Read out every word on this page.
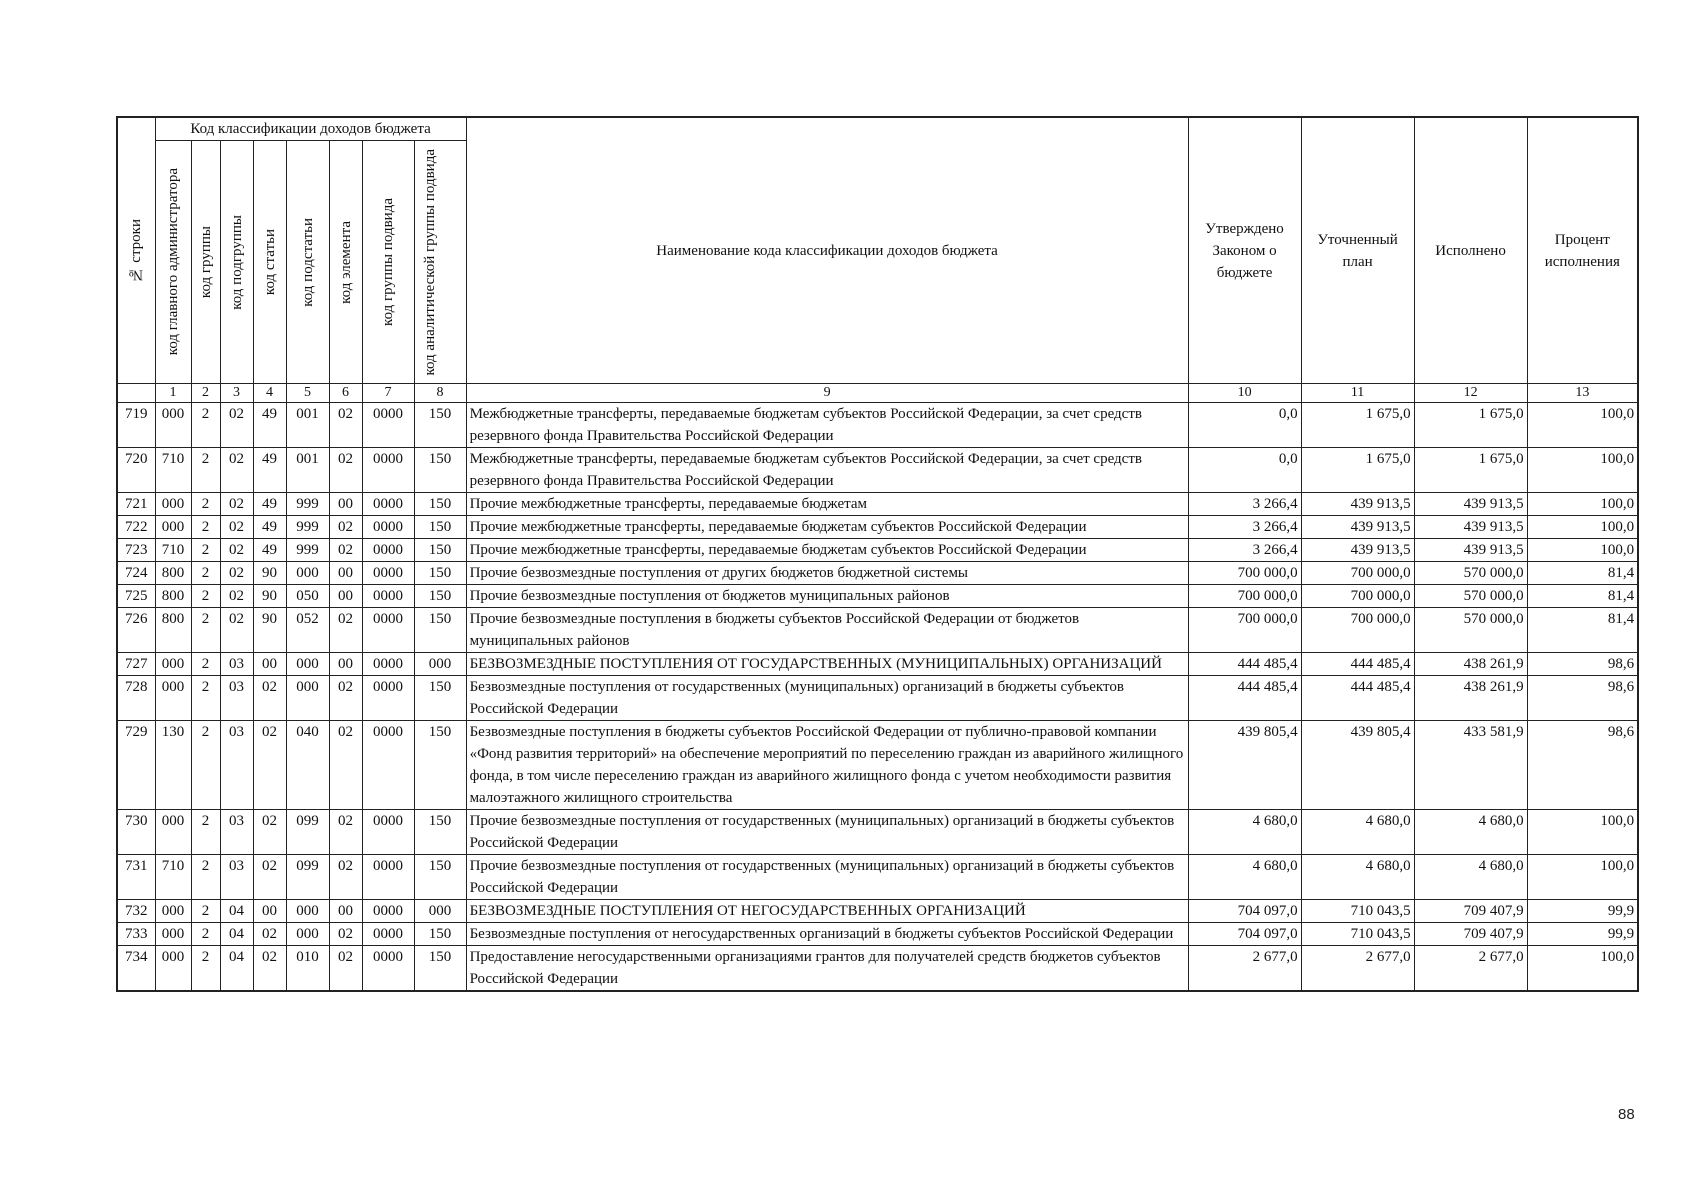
№ строки	Код классификации доходов бюджета								Наименование кода классификации доходов бюджета	Утверждено Законом о бюджете	Уточненный план	Исполнено	Процент исполнения

	код главного администратора	код группы	код подгруппы	код статьи	код подстатьи	код элемента	код группы подвида	код аналитической группы подвида					

	1	2	3	4	5	6	7	8	9	10	11	12	13
719	000	2	02	49	001	02	0000	150	Межбюджетные трансферты, передаваемые бюджетам субъектов Российской Федерации, за счет средств резервного фонда Правительства Российской Федерации	0,0	1 675,0	1 675,0	100,0
720	710	2	02	49	001	02	0000	150	Межбюджетные трансферты, передаваемые бюджетам субъектов Российской Федерации, за счет средств резервного фонда Правительства Российской Федерации	0,0	1 675,0	1 675,0	100,0
721	000	2	02	49	999	00	0000	150	Прочие межбюджетные трансферты, передаваемые бюджетам	3 266,4	439 913,5	439 913,5	100,0
722	000	2	02	49	999	02	0000	150	Прочие межбюджетные трансферты, передаваемые бюджетам субъектов Российской Федерации	3 266,4	439 913,5	439 913,5	100,0
723	710	2	02	49	999	02	0000	150	Прочие межбюджетные трансферты, передаваемые бюджетам субъектов Российской Федерации	3 266,4	439 913,5	439 913,5	100,0
724	800	2	02	90	000	00	0000	150	Прочие безвозмездные поступления от других бюджетов бюджетной системы	700 000,0	700 000,0	570 000,0	81,4
725	800	2	02	90	050	00	0000	150	Прочие безвозмездные поступления от бюджетов муниципальных районов	700 000,0	700 000,0	570 000,0	81,4
726	800	2	02	90	052	02	0000	150	Прочие безвозмездные поступления в бюджеты субъектов Российской Федерации от бюджетов муниципальных районов	700 000,0	700 000,0	570 000,0	81,4
727	000	2	03	00	000	00	0000	000	БЕЗВОЗМЕЗДНЫЕ ПОСТУПЛЕНИЯ ОТ ГОСУДАРСТВЕННЫХ (МУНИЦИПАЛЬНЫХ) ОРГАНИЗАЦИЙ	444 485,4	444 485,4	438 261,9	98,6
728	000	2	03	02	000	02	0000	150	Безвозмездные поступления от государственных (муниципальных) организаций в бюджеты субъектов Российской Федерации	444 485,4	444 485,4	438 261,9	98,6
729	130	2	03	02	040	02	0000	150	Безвозмездные поступления в бюджеты субъектов Российской Федерации от публично-правовой компании «Фонд развития территорий» на обеспечение мероприятий по переселению граждан из аварийного жилищного фонда, в том числе переселению граждан из аварийного жилищного фонда с учетом необходимости развития малоэтажного жилищного строительства	439 805,4	439 805,4	433 581,9	98,6
730	000	2	03	02	099	02	0000	150	Прочие безвозмездные поступления от государственных (муниципальных) организаций в бюджеты субъектов Российской Федерации	4 680,0	4 680,0	4 680,0	100,0
731	710	2	03	02	099	02	0000	150	Прочие безвозмездные поступления от государственных (муниципальных) организаций в бюджеты субъектов Российской Федерации	4 680,0	4 680,0	4 680,0	100,0
732	000	2	04	00	000	00	0000	000	БЕЗВОЗМЕЗДНЫЕ ПОСТУПЛЕНИЯ ОТ НЕГОСУДАРСТВЕННЫХ ОРГАНИЗАЦИЙ	704 097,0	710 043,5	709 407,9	99,9
733	000	2	04	02	000	02	0000	150	Безвозмездные поступления от негосударственных организаций в бюджеты субъектов Российской Федерации	704 097,0	710 043,5	709 407,9	99,9
734	000	2	04	02	010	02	0000	150	Предоставление негосударственными организациями грантов для получателей средств бюджетов субъектов Российской Федерации	2 677,0	2 677,0	2 677,0	100,0
88
